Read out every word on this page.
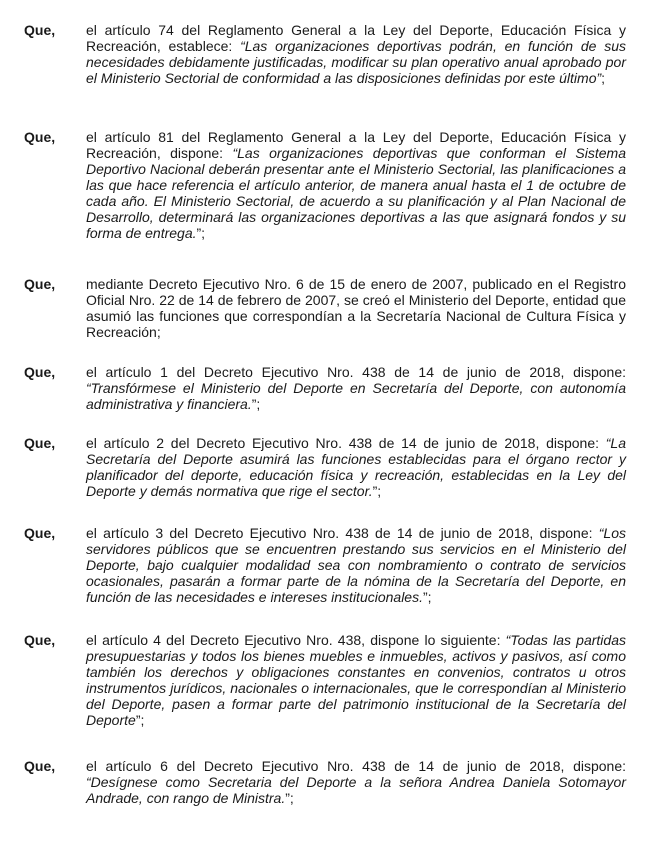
Que, el artículo 74 del Reglamento General a la Ley del Deporte, Educación Física y Recreación, establece: “Las organizaciones deportivas podrán, en función de sus necesidades debidamente justificadas, modificar su plan operativo anual aprobado por el Ministerio Sectorial de conformidad a las disposiciones definidas por este último”;

Que, el artículo 81 del Reglamento General a la Ley del Deporte, Educación Física y Recreación, dispone: “Las organizaciones deportivas que conforman el Sistema Deportivo Nacional deberán presentar ante el Ministerio Sectorial, las planificaciones a las que hace referencia el artículo anterior, de manera anual hasta el 1 de octubre de cada año. El Ministerio Sectorial, de acuerdo a su planificación y al Plan Nacional de Desarrollo, determinará las organizaciones deportivas a las que asignará fondos y su forma de entrega.”;

Que, mediante Decreto Ejecutivo Nro. 6 de 15 de enero de 2007, publicado en el Registro Oficial Nro. 22 de 14 de febrero de 2007, se creó el Ministerio del Deporte, entidad que asumió las funciones que correspondían a la Secretaría Nacional de Cultura Física y Recreación;

Que, el artículo 1 del Decreto Ejecutivo Nro. 438 de 14 de junio de 2018, dispone: “Transfórmese el Ministerio del Deporte en Secretaría del Deporte, con autonomía administrativa y financiera.”;

Que, el artículo 2 del Decreto Ejecutivo Nro. 438 de 14 de junio de 2018, dispone: “La Secretaría del Deporte asumirá las funciones establecidas para el órgano rector y planificador del deporte, educación física y recreación, establecidas en la Ley del Deporte y demás normativa que rige el sector.”;

Que, el artículo 3 del Decreto Ejecutivo Nro. 438 de 14 de junio de 2018, dispone: “Los servidores públicos que se encuentren prestando sus servicios en el Ministerio del Deporte, bajo cualquier modalidad sea con nombramiento o contrato de servicios ocasionales, pasarán a formar parte de la nómina de la Secretaría del Deporte, en función de las necesidades e intereses institucionales.”;

Que, el artículo 4 del Decreto Ejecutivo Nro. 438, dispone lo siguiente: “Todas las partidas presupuestarias y todos los bienes muebles e inmuebles, activos y pasivos, así como también los derechos y obligaciones constantes en convenios, contratos u otros instrumentos jurídicos, nacionales o internacionales, que le correspondían al Ministerio del Deporte, pasen a formar parte del patrimonio institucional de la Secretaría del Deporte”;

Que, el artículo 6 del Decreto Ejecutivo Nro. 438 de 14 de junio de 2018, dispone: “Desígnese como Secretaria del Deporte a la señora Andrea Daniela Sotomayor Andrade, con rango de Ministra.”;
